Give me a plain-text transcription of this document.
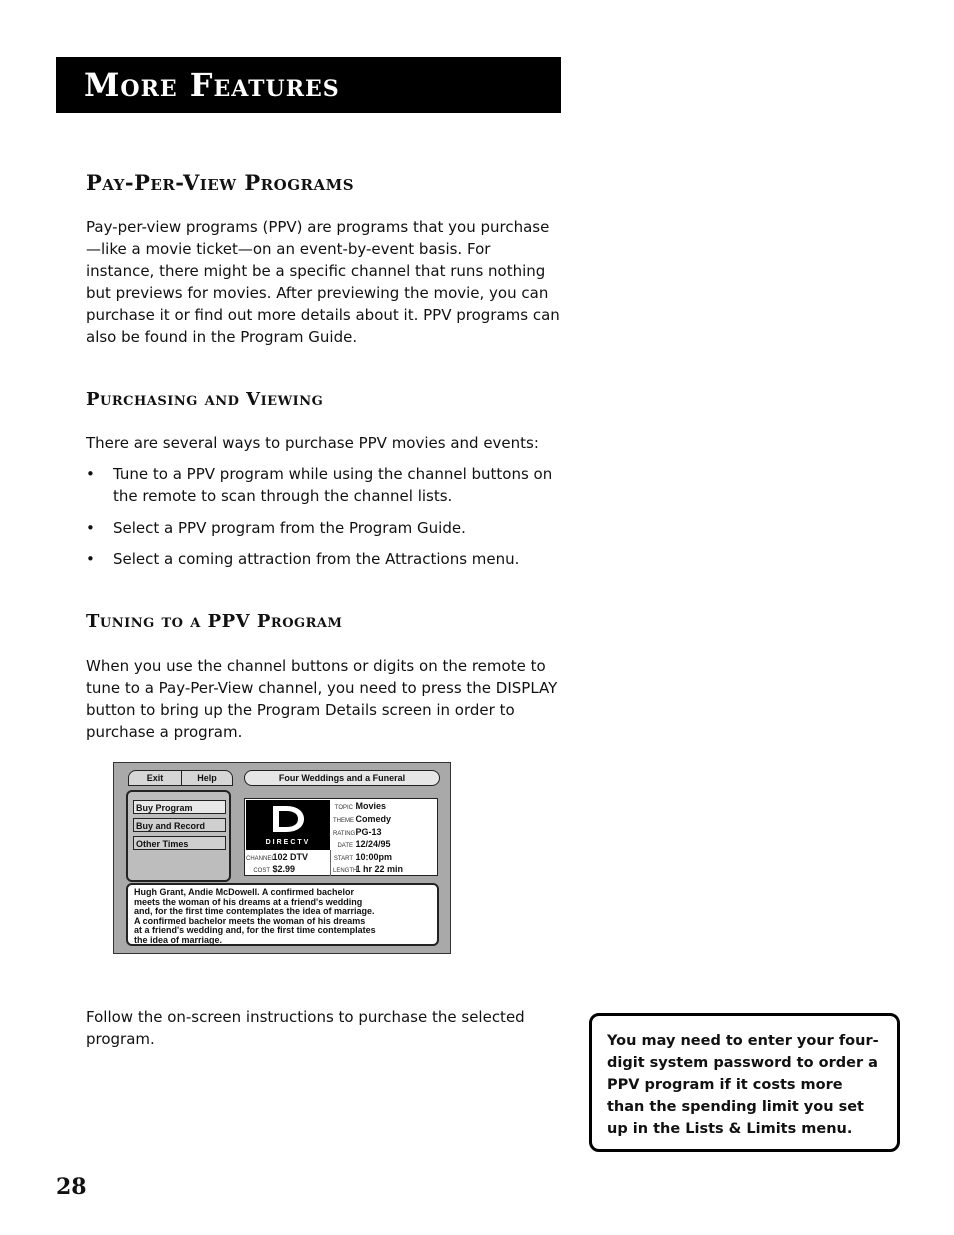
More Features
Pay-Per-View Programs

Pay-per-view programs (PPV) are programs that you purchase—like a movie ticket—on an event-by-event basis. For instance, there might be a specific channel that runs nothing but previews for movies. After previewing the movie, you can purchase it or find out more details about it. PPV programs can also be found in the Program Guide.

Purchasing and Viewing

There are several ways to purchase PPV movies and events:

• Tune to a PPV program while using the channel buttons on the remote to scan through the channel lists.
• Select a PPV program from the Program Guide.
• Select a coming attraction from the Attractions menu.
Tuning to a PPV Program

When you use the channel buttons or digits on the remote to tune to a Pay-Per-View channel, you need to press the DISPLAY button to bring up the Program Details screen in order to purchase a program.

Exit	Help	Four Weddings and a Funeral
Buy Program
Buy and Record
Other Times	DIRECTV
TOPIC Movies
THEME Comedy
RATING PG-13
DATE 12/24/95
START 10:00pm
LENGTH 1 hr 22 min
CHANNEL 102 DTV
COST $2.99
Hugh Grant, Andie McDowell. A confirmed bachelor
meets the woman of his dreams at a friend's wedding
and, for the first time contemplates the idea of marriage.
A confirmed bachelor meets the woman of his dreams
at a friend's wedding and, for the first time contemplates
the idea of marriage.

Follow the on-screen instructions to purchase the selected program.	You may need to enter your four-digit system password to order a PPV program if it costs more than the spending limit you set up in the Lists & Limits menu.
28
